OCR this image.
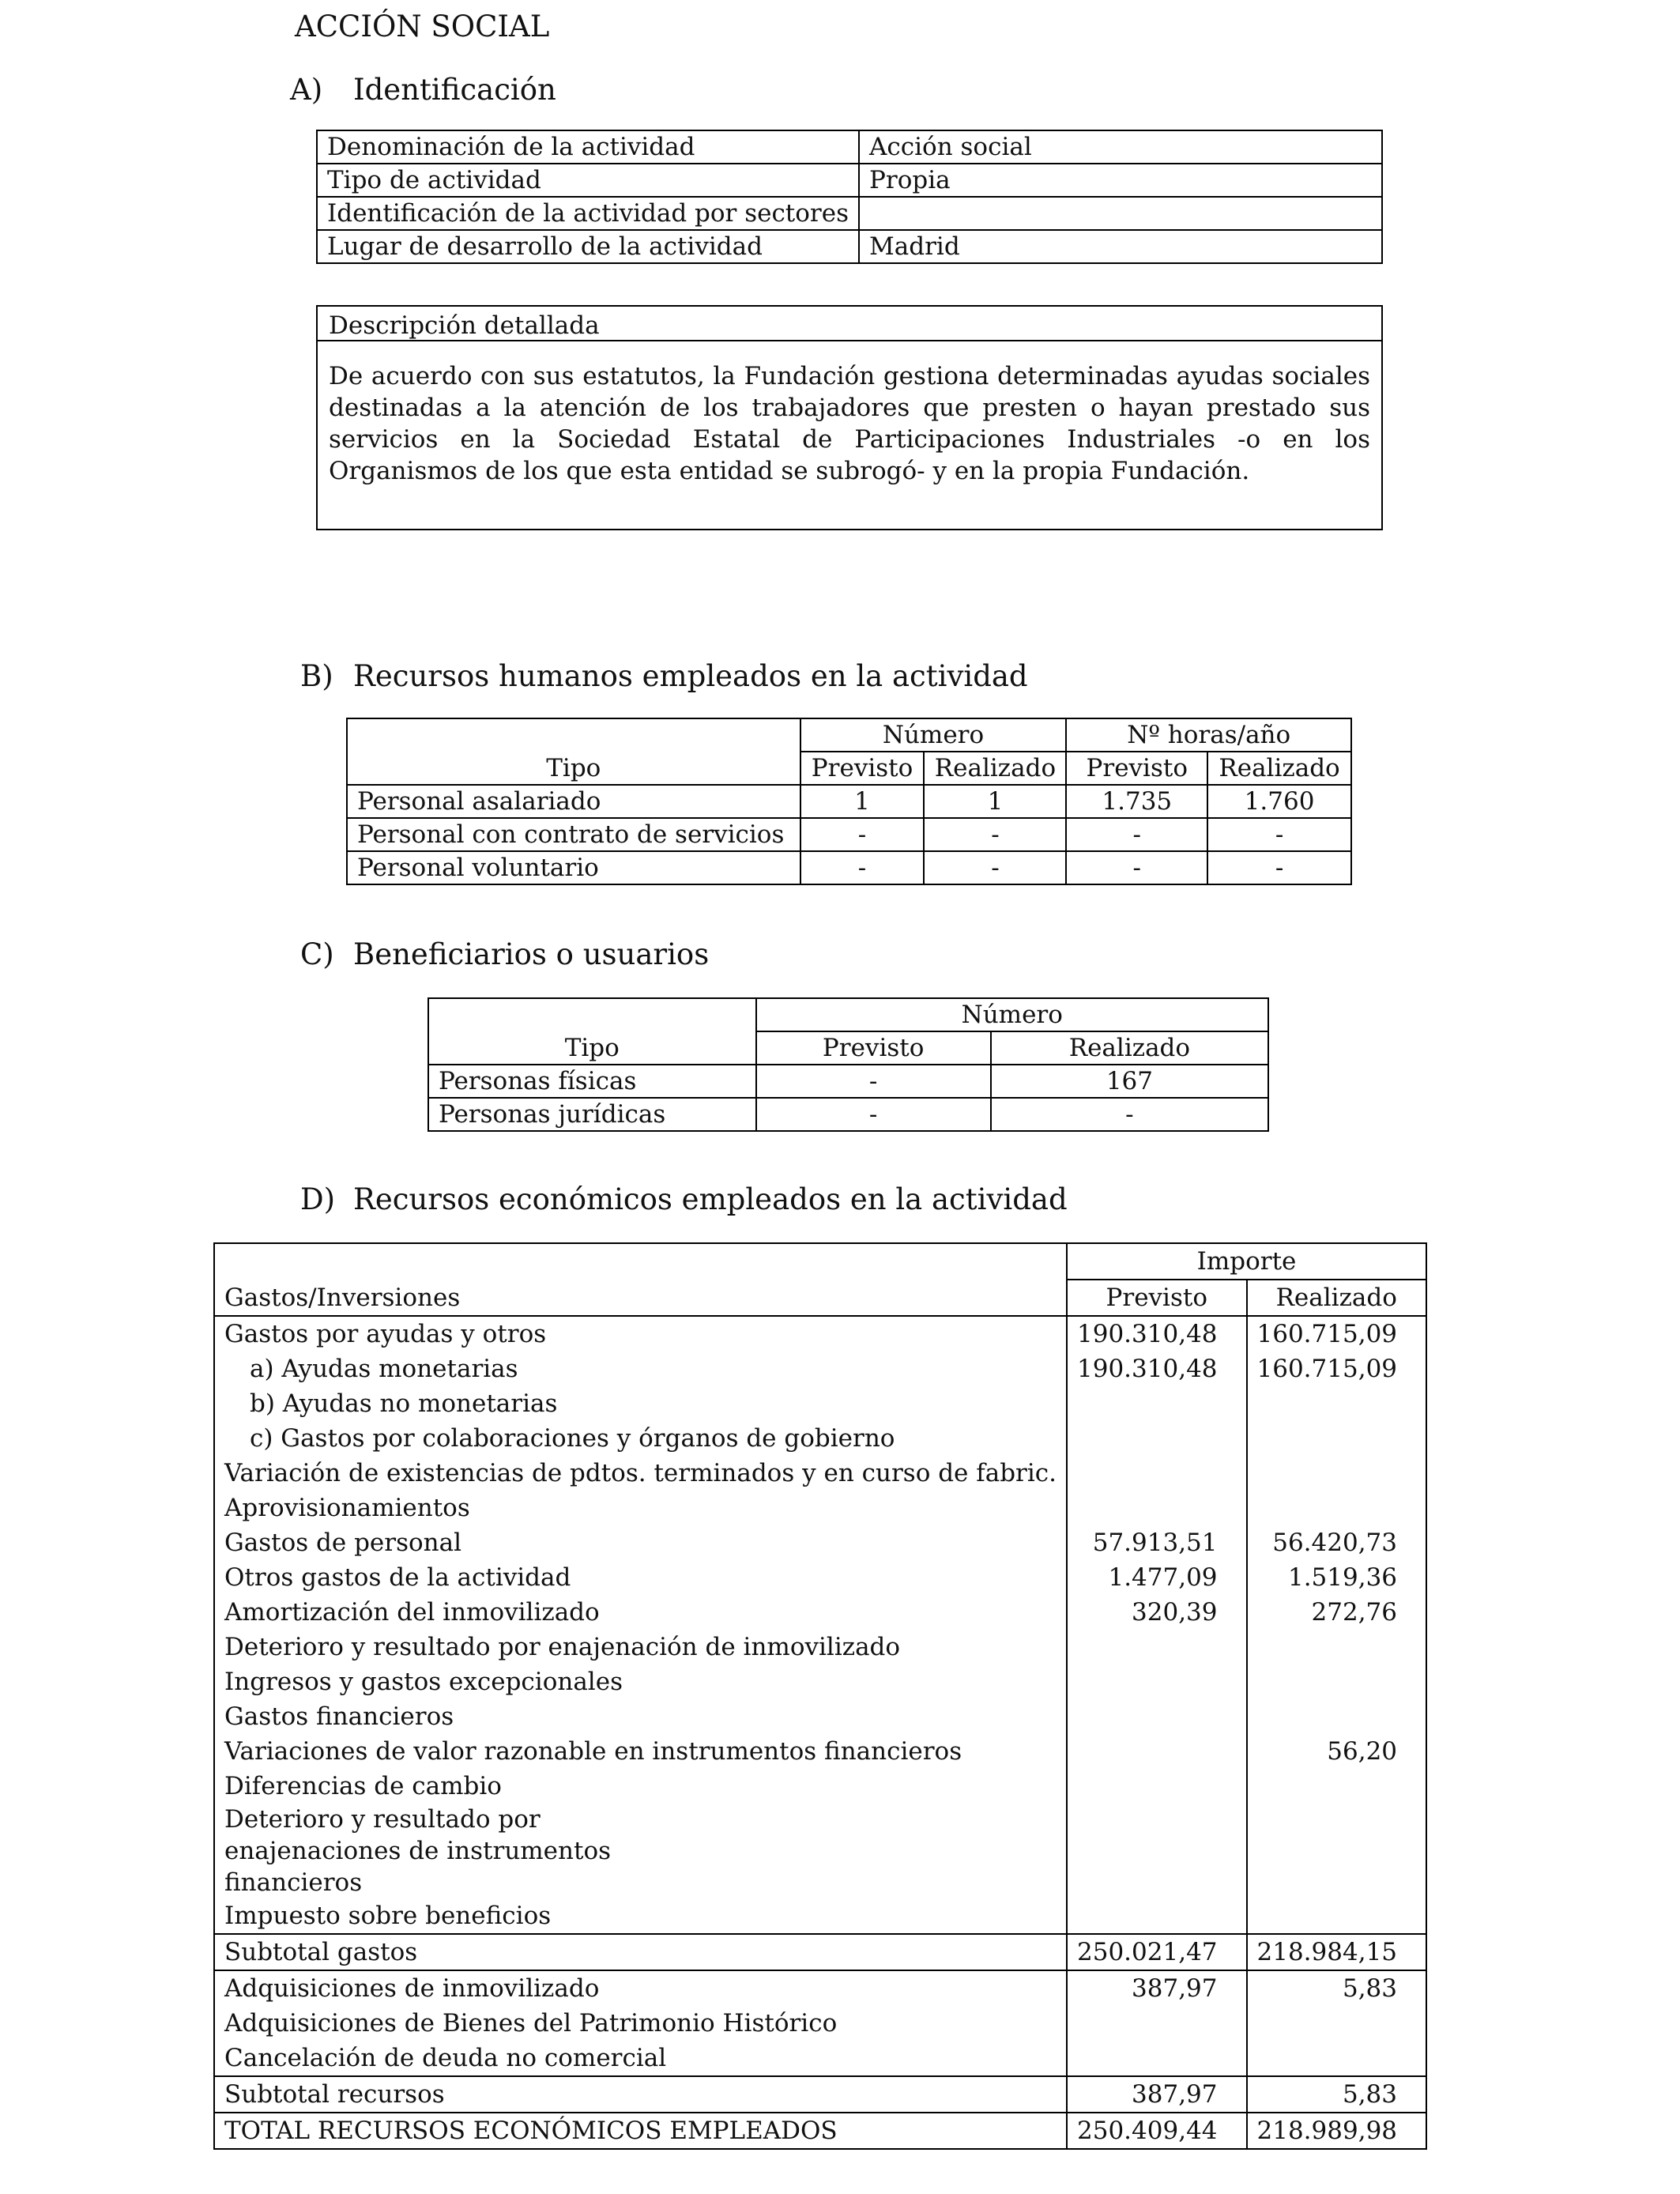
ACCIÓN SOCIAL
A) Identificación
Denominación de la actividad	Acción social
Tipo de actividad	Propia
Identificación de la actividad por sectores	
Lugar de desarrollo de la actividad	Madrid
Descripción detallada
De acuerdo con sus estatutos, la Fundación gestiona determinadas ayudas sociales destinadas a la atención de los trabajadores que presten o hayan prestado sus servicios en la Sociedad Estatal de Participaciones Industriales -o en los Organismos de los que esta entidad se subrogó- y en la propia Fundación.
B) Recursos humanos empleados en la actividad
	Número		Nº horas/año	
Tipo	Previsto	Realizado	Previsto	Realizado
Personal asalariado	1	1	1.735	1.760
Personal con contrato de servicios	-	-	-	-
Personal voluntario	-	-	-	-
C) Beneficiarios o usuarios
	Número	
Tipo	Previsto	Realizado
Personas físicas	-	167
Personas jurídicas	-	-
D) Recursos económicos empleados en la actividad
	Importe	
Gastos/Inversiones	Previsto	Realizado
Gastos por ayudas y otros	190.310,48	160.715,09
a) Ayudas monetarias	190.310,48	160.715,09
b) Ayudas no monetarias		
c) Gastos por colaboraciones y órganos de gobierno		
Variación de existencias de pdtos. terminados y en curso de fabric.		
Aprovisionamientos		
Gastos de personal	57.913,51	56.420,73
Otros gastos de la actividad	1.477,09	1.519,36
Amortización del inmovilizado	320,39	272,76
Deterioro y resultado por enajenación de inmovilizado		
Ingresos y gastos excepcionales		
Gastos financieros		
Variaciones de valor razonable en instrumentos financieros		56,20
Diferencias de cambio		
Deterioro y resultado por enajenaciones de instrumentos financieros		
Impuesto sobre beneficios		
Subtotal gastos	250.021,47	218.984,15
Adquisiciones de inmovilizado	387,97	5,83
Adquisiciones de Bienes del Patrimonio Histórico		
Cancelación de deuda no comercial		
Subtotal recursos	387,97	5,83
TOTAL RECURSOS ECONÓMICOS EMPLEADOS	250.409,44	218.989,98
